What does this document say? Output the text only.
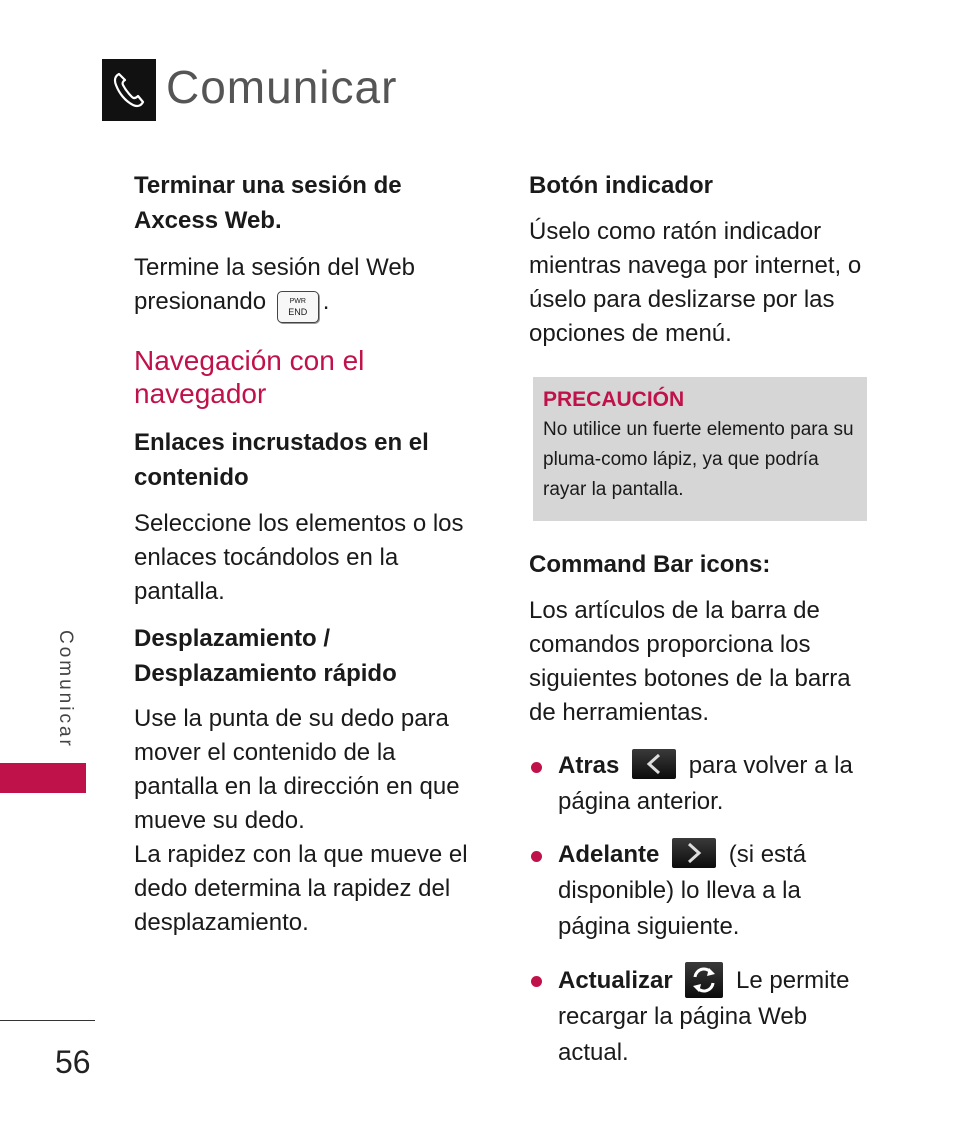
Comunicar
Comunicar
56

Terminar una sesión de Axcess Web.

Termine la sesión del Web presionando	PWR
END .

Navegación con el navegador

Enlaces incrustados en el contenido

Seleccione los elementos o los enlaces tocándolos en la pantalla.

Desplazamiento / Desplazamiento rápido

Use la punta de su dedo para mover el contenido de la pantalla en la dirección en que mueve su dedo.

La rapidez con la que mueve el dedo determina la rapidez del desplazamiento.

Botón indicador

Úselo como ratón indicador mientras navega por internet, o úselo para deslizarse por las opciones de menú.

PRECAUCIÓN

No utilice un fuerte elemento para su pluma-como lápiz, ya que podría rayar la pantalla.

Command Bar icons:

Los artículos de la barra de comandos proporciona los siguientes botones de la barra de herramientas.

Atras	para volver a la página anterior.
Adelante	(si está disponible) lo lleva a la página siguiente.
Actualizar	Le permite recargar la página Web actual.
